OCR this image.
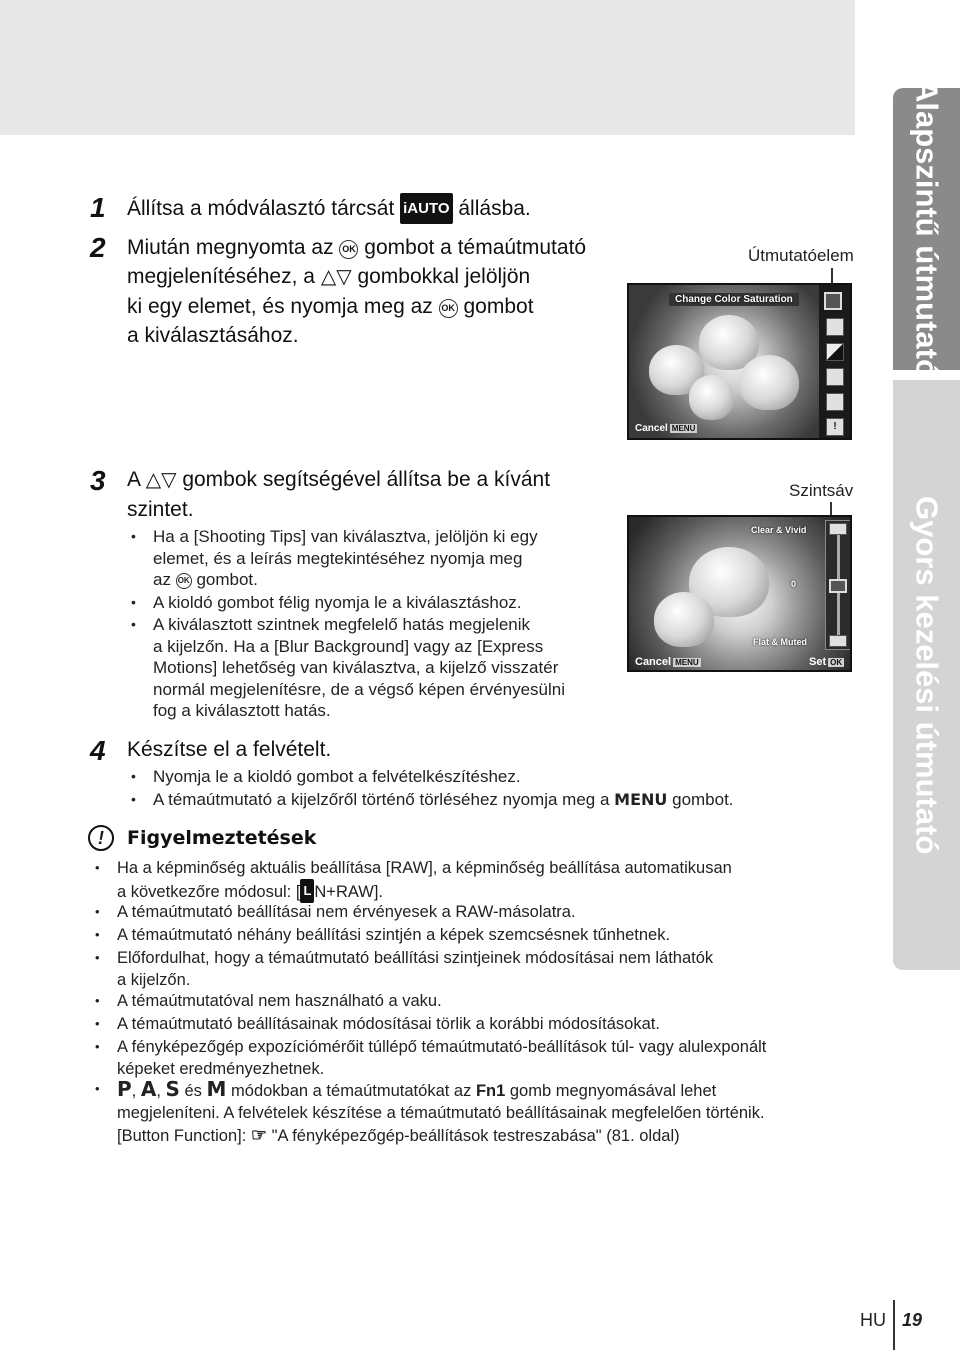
Alapszintű útmutató
Gyors kezelési útmutató
1 Állítsa a módválasztó tárcsát iAUTO állásba.
2 Miután megnyomta az OK gombot a témaútmutató
megjelenítéséhez, a △▽ gombokkal jelöljön
ki egy elemet, és nyomja meg az OK gombot
a kiválasztásához.
Útmutatóelem
Change Color Saturation
!
Cancel MENU
3 A △▽ gombok segítségével állítsa be a kívánt
szintet.
• Ha a [Shooting Tips] van kiválasztva, jelöljön ki egy
elemet, és a leírás megtekintéséhez nyomja meg
az OK gombot.
• A kioldó gombot félig nyomja le a kiválasztáshoz.
• A kiválasztott szintnek megfelelő hatás megjelenik
a kijelzőn. Ha a [Blur Background] vagy az [Express
Motions] lehetőség van kiválasztva, a kijelző visszatér
normál megjelenítésre, de a végső képen érvényesülni
fog a kiválasztott hatás.
Szintsáv
Clear & Vivid
0
Flat & Muted
Cancel MENU	Set OK
4 Készítse el a felvételt.
• Nyomja le a kioldó gombot a felvételkészítéshez.
• A témaútmutató a kijelzőről történő törléséhez nyomja meg a MENU gombot.
!	Figyelmeztetések
• Ha a képminőség aktuális beállítása [RAW], a képminőség beállítása automatikusan
a következőre módosul: [ L N+RAW].
• A témaútmutató beállításai nem érvényesek a RAW-másolatra.
• A témaútmutató néhány beállítási szintjén a képek szemcsésnek tűnhetnek.
• Előfordulhat, hogy a témaútmutató beállítási szintjeinek módosításai nem láthatók
a kijelzőn.
• A témaútmutatóval nem használható a vaku.
• A témaútmutató beállításainak módosításai törlik a korábbi módosításokat.
• A fényképezőgép expozíciómérőit túllépő témaútmutató-beállítások túl- vagy alulexponált
képeket eredményezhetnek.
• P, A, S és M módokban a témaútmutatókat az Fn1 gomb megnyomásával lehet
megjeleníteni. A felvételek készítése a témaútmutató beállításainak megfelelően történik.
[Button Function]: ☞ "A fényképezőgép-beállítások testreszabása" (81. oldal)
HU 19
